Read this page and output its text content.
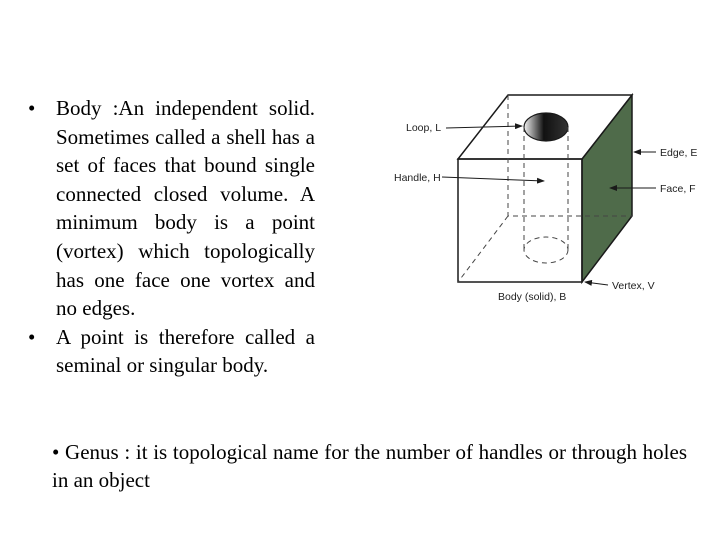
• Body :An independent solid. Sometimes called a shell has a set of faces that bound single connected closed volume. A minimum body is a point (vortex) which topologically has one face one vortex and no edges.
• A point is therefore called a seminal or singular body.
Loop, L
Handle, H
Edge, E
Face, F
Vertex, V
Body (solid), B
• Genus : it is topological name for the number of handles or through holes in an object
